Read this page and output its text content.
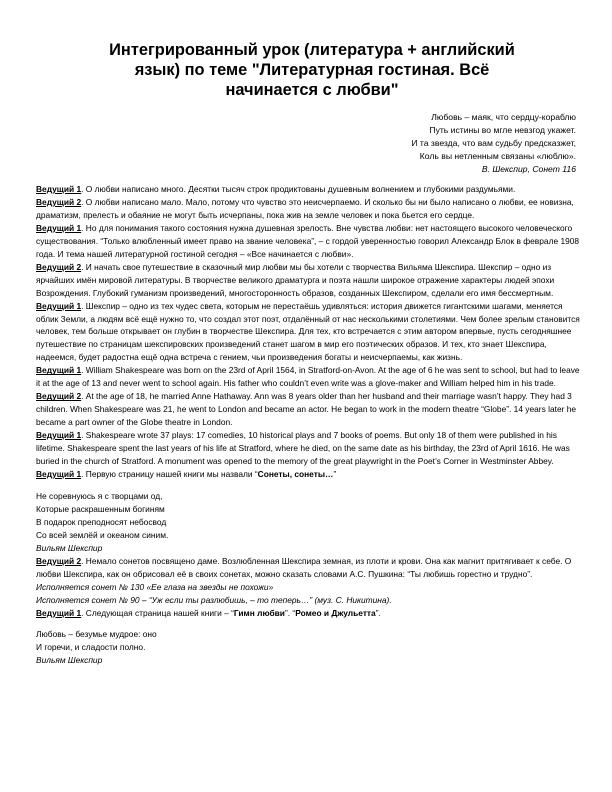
Интегрированный урок (литература + английский
язык) по теме "Литературная гостиная. Всё
начинается с любви"
Любовь – маяк, что сердцу-кораблю
Путь истины во мгле невзгод укажет.
И та звезда, что вам судьбу предсказжет,
Коль вы нетленным связаны «люблю».
В. Шекспир, Сонет 116

Ведущий 1. О любви написано много. Десятки тысяч строк продиктованы душевным волнением и глубокими раздумьями.

Ведущий 2. О любви написано мало. Мало, потому что чувство это неисчерпаемо. И сколько бы ни было написано о любви, ее новизна, драматизм, прелесть и обаяние не могут быть исчерпаны, пока жив на земле человек и пока бьется его сердце.

Ведущий 1. Но для понимания такого состояния нужна душевная зрелость. Вне чувства любви: нет настоящего высокого человеческого существования. “Только влюбленный имеет право на звание человека”, – с гордой уверенностью говорил Александр Блок в феврале 1908 года. И тема нашей литературной гостиной сегодня – «Все начинается с любви».

Ведущий 2. И начать свое путешествие в сказочный мир любви мы бы хотели с творчества Вильяма Шекспира. Шекспир – одно из ярчайших имён мировой литературы. В творчестве великого драматурга и поэта нашли широкое отражение характеры людей эпохи Возрождения. Глубокий гуманизм произведений, многосторонность образов, созданных Шекспиром, сделали его имя бессмертным.

Ведущий 1. Шекспир – одно из тех чудес света, которым не перестаёшь удивляться: история движется гигантскими шагами, меняется облик Земли, а людям всё ещё нужно то, что создал этот поэт, отдалённый от нас несколькими столетиями. Чем более зрелым становится человек, тем больше открывает он глубин в творчестве Шекспира. Для тех, кто встречается с этим автором впервые, пусть сегодняшнее путешествие по страницам шекспировских произведений станет шагом в мир его поэтических образов. И тех, кто знает Шекспира, надеемся, будет радостна ещё одна встреча с гением, чьи произведения богаты и неисчерпаемы, как жизнь.

Ведущий 1. William Shakespeare was born on the 23rd of April 1564, in Stratford-on-Avon. At the age of 6 he was sent to school, but had to leave it at the age of 13 and never went to school again. His father who couldn’t even write was a glove-maker and William helped him in his trade.

Ведущий 2. At the age of 18, he married Anne Hathaway. Ann was 8 years older than her husband and their marriage wasn’t happy. They had 3 children. When Shakespeare was 21, he went to London and became an actor. He began to work in the modern theatre “Globe”. 14 years later he became a part owner of the Globe theatre in London.

Ведущий 1. Shakespeare wrote 37 plays: 17 comedies, 10 historical plays and 7 books of poems. But only 18 of them were published in his lifetime. Shakespeare spent the last years of his life at Stratford, where he died, on the same date as his birthday, the 23rd of April 1616. He was buried in the church of Stratford. A monument was opened to the memory of the great playwright in the Poet’s Corner in Westminster Abbey.

Ведущий 1. Первую страницу нашей книги мы назвали “Сонеты, сонеты…”

Не соревнуюсь я с творцами од,
Которые раскрашенным богиням
В подарок преподносят небосвод
Со всей землёй и океаном синим.
Вильям Шекспир

Ведущий 2. Немало сонетов посвящено даме. Возлюбленная Шекспира земная, из плоти и крови. Она как магнит притягивает к себе. О любви Шекспира, как он обрисовал её в своих сонетах, можно сказать словами А.С. Пушкина: “Ты любишь горестно и трудно”.

Исполняется сонет № 130 «Ее глаза на звезды не похожи»
Исполняется сонет № 90 – “Уж если ты разлюбишь, – то теперь…” (муз. С. Никитина).

Ведущий 1. Следующая страница нашей книги – “Гимн любви”. “Ромео и Джульетта”.

Любовь – безумье мудрое: оно
И горечи, и сладости полно.
Вильям Шекспир
